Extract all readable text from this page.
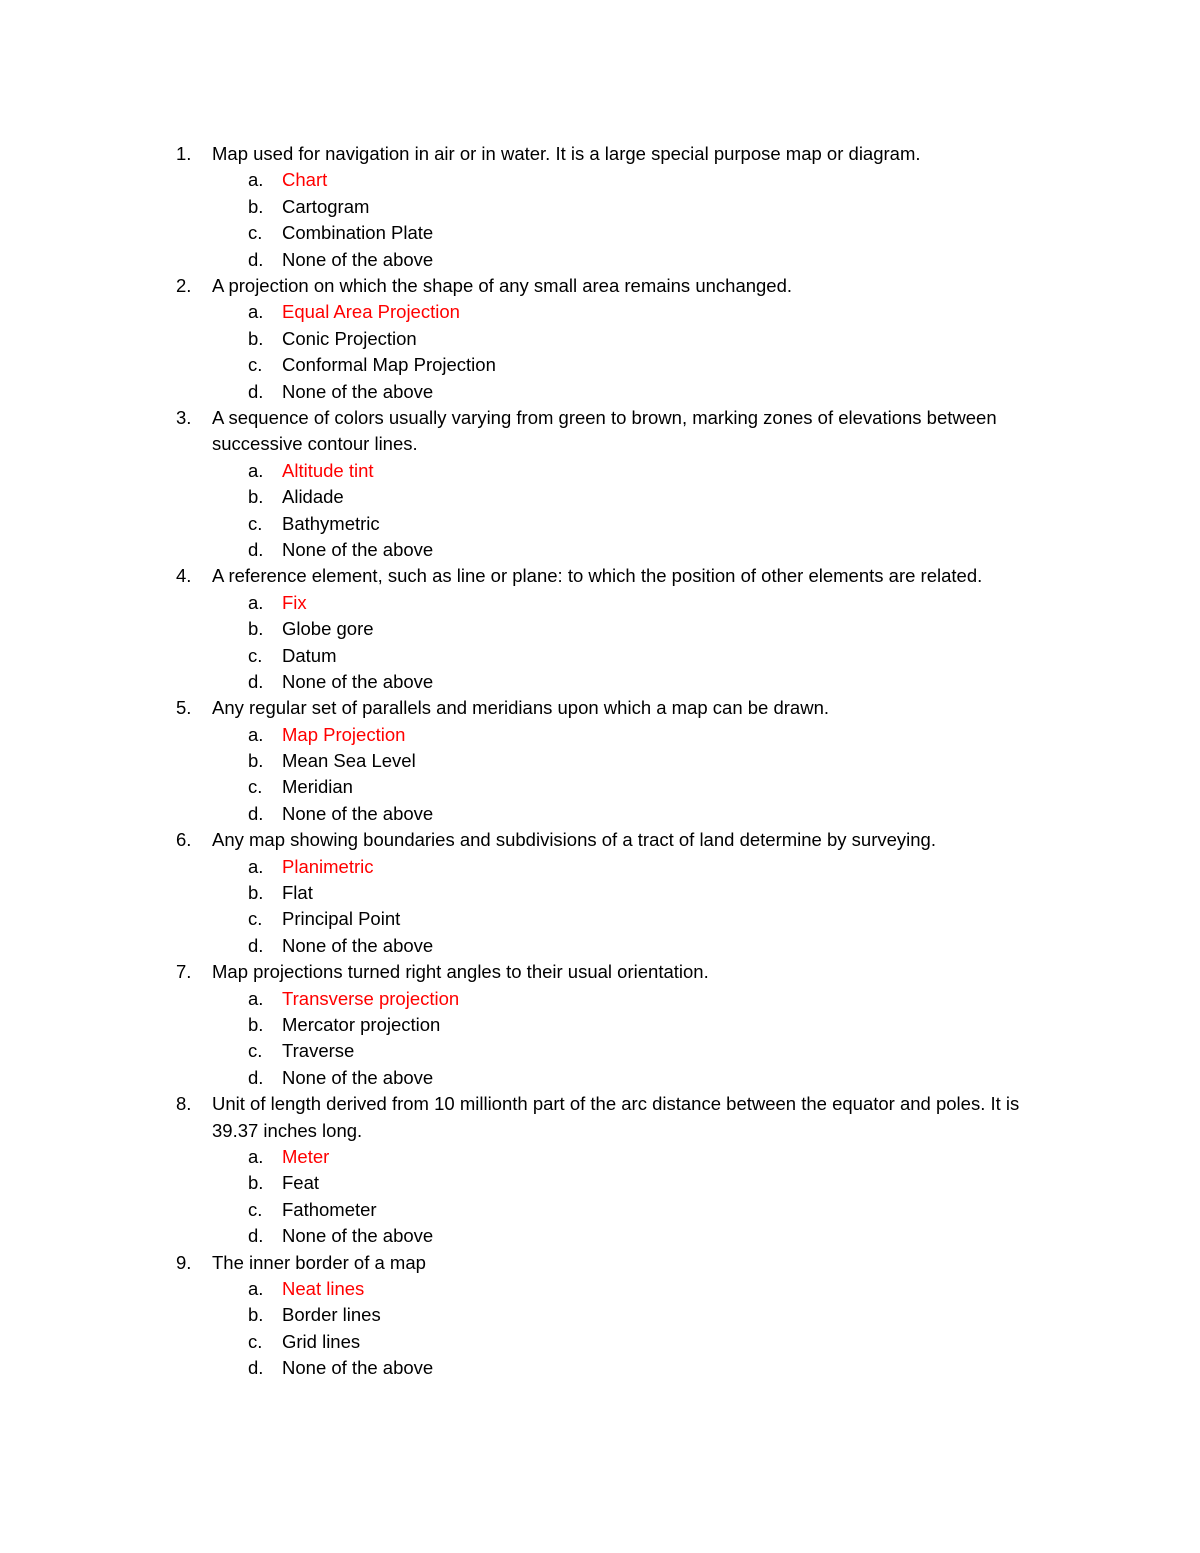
1. Map used for navigation in air or in water. It is a large special purpose map or diagram.
a. Chart
b. Cartogram
c. Combination Plate
d. None of the above
2. A projection on which the shape of any small area remains unchanged.
a. Equal Area Projection
b. Conic Projection
c. Conformal Map Projection
d. None of the above
3. A sequence of colors usually varying from green to brown, marking zones of elevations between successive contour lines.
a. Altitude tint
b. Alidade
c. Bathymetric
d. None of the above
4. A reference element, such as line or plane: to which the position of other elements are related.
a. Fix
b. Globe gore
c. Datum
d. None of the above
5. Any regular set of parallels and meridians upon which a map can be drawn.
a. Map Projection
b. Mean Sea Level
c. Meridian
d. None of the above
6. Any map showing boundaries and subdivisions of a tract of land determine by surveying.
a. Planimetric
b. Flat
c. Principal Point
d. None of the above
7. Map projections turned right angles to their usual orientation.
a. Transverse projection
b. Mercator projection
c. Traverse
d. None of the above
8. Unit of length derived from 10 millionth part of the arc distance between the equator and poles. It is 39.37 inches long.
a. Meter
b. Feat
c. Fathometer
d. None of the above
9. The inner border of a map
a. Neat lines
b. Border lines
c. Grid lines
d. None of the above
